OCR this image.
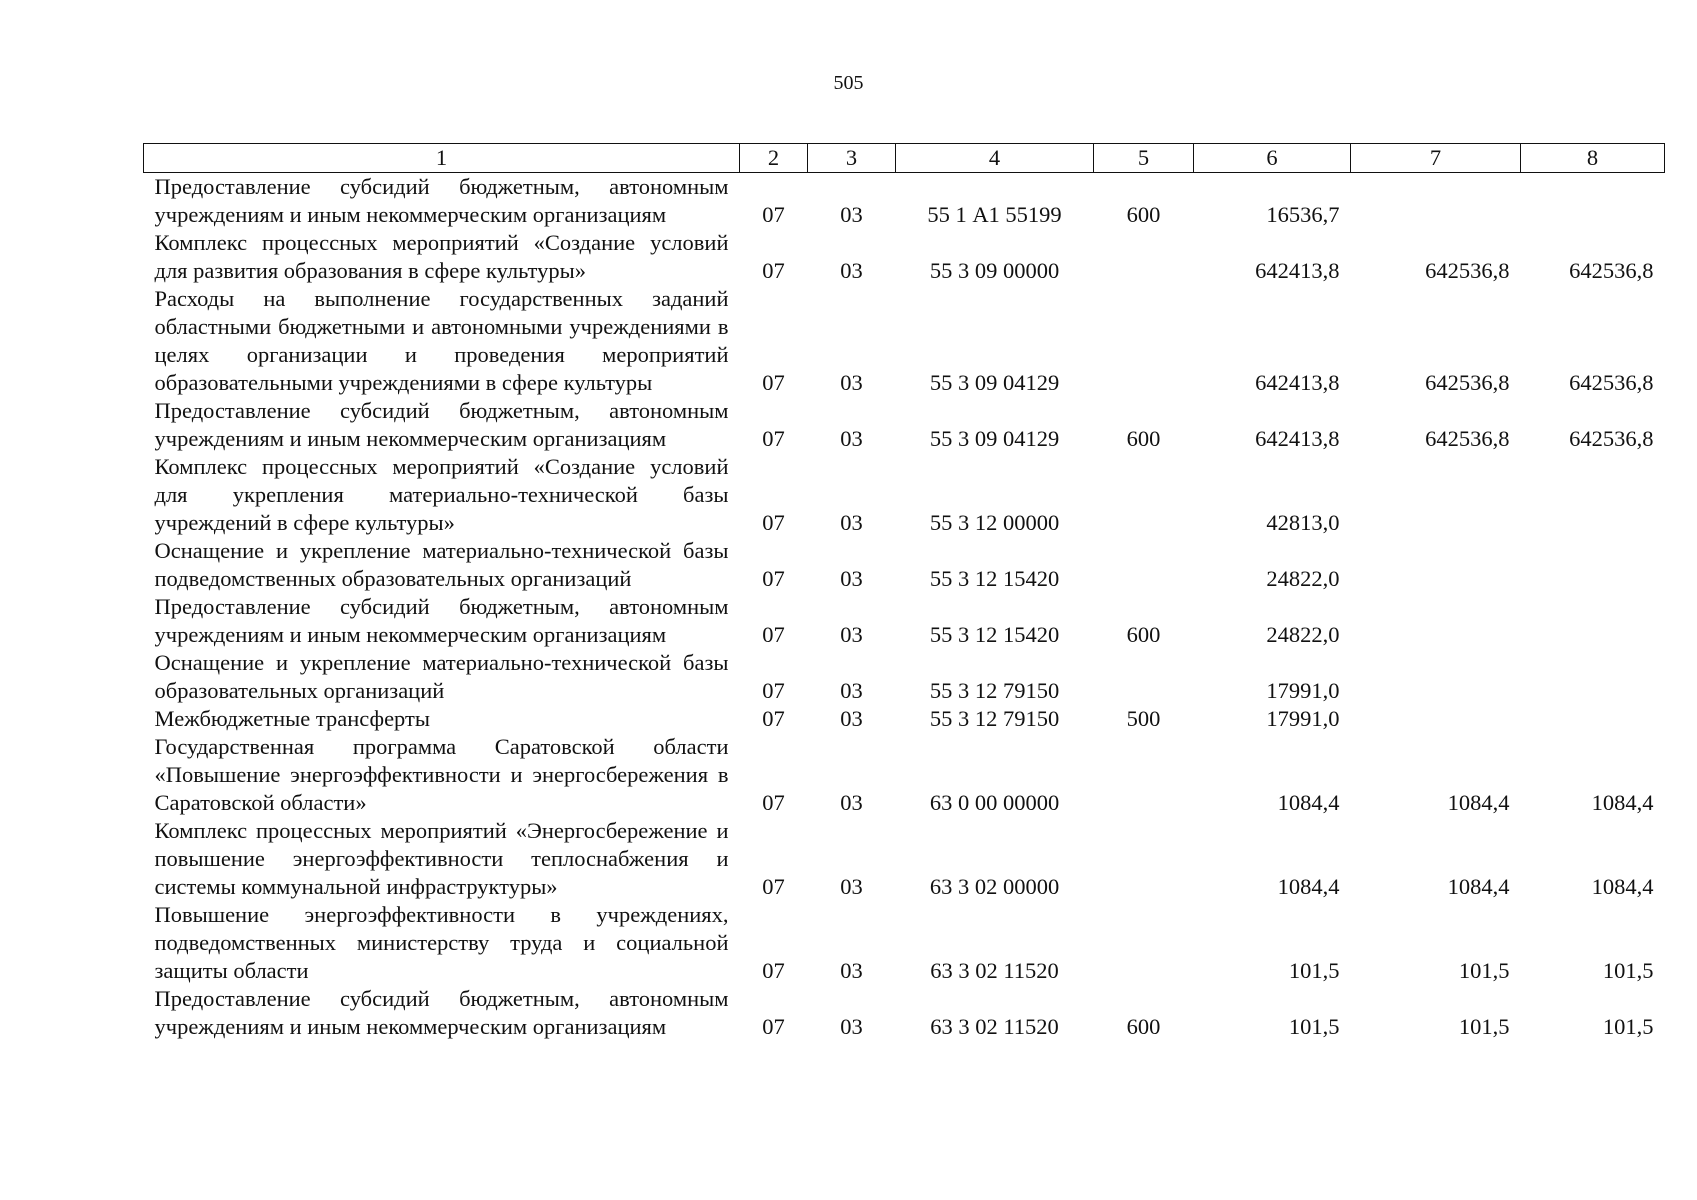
505
1	2	3	4	5	6	7	8
Предоставление субсидий бюджетным, автономным учреждениям и иным некоммерческим организациям	07	03	55 1 А1 55199	600	16536,7		
Комплекс процессных мероприятий «Создание условий для развития образования в сфере культуры»	07	03	55 3 09 00000		642413,8	642536,8	642536,8
Расходы на выполнение государственных заданий областными бюджетными и автономными учреждениями в целях организации и проведения мероприятий образовательными учреждениями в сфере культуры	07	03	55 3 09 04129		642413,8	642536,8	642536,8
Предоставление субсидий бюджетным, автономным учреждениям и иным некоммерческим организациям	07	03	55 3 09 04129	600	642413,8	642536,8	642536,8
Комплекс процессных мероприятий «Создание условий для укрепления материально-технической базы учреждений в сфере культуры»	07	03	55 3 12 00000		42813,0		
Оснащение и укрепление материально-технической базы подведомственных образовательных организаций	07	03	55 3 12 15420		24822,0		
Предоставление субсидий бюджетным, автономным учреждениям и иным некоммерческим организациям	07	03	55 3 12 15420	600	24822,0		
Оснащение и укрепление материально-технической базы образовательных организаций	07	03	55 3 12 79150		17991,0		
Межбюджетные трансферты	07	03	55 3 12 79150	500	17991,0		
Государственная программа Саратовской области «Повышение энергоэффективности и энергосбережения в Саратовской области»	07	03	63 0 00 00000		1084,4	1084,4	1084,4
Комплекс процессных мероприятий «Энергосбережение и повышение энергоэффективности теплоснабжения и системы коммунальной инфраструктуры»	07	03	63 3 02 00000		1084,4	1084,4	1084,4
Повышение энергоэффективности в учреждениях, подведомственных министерству труда и социальной защиты области	07	03	63 3 02 11520		101,5	101,5	101,5
Предоставление субсидий бюджетным, автономным учреждениям и иным некоммерческим организациям	07	03	63 3 02 11520	600	101,5	101,5	101,5
